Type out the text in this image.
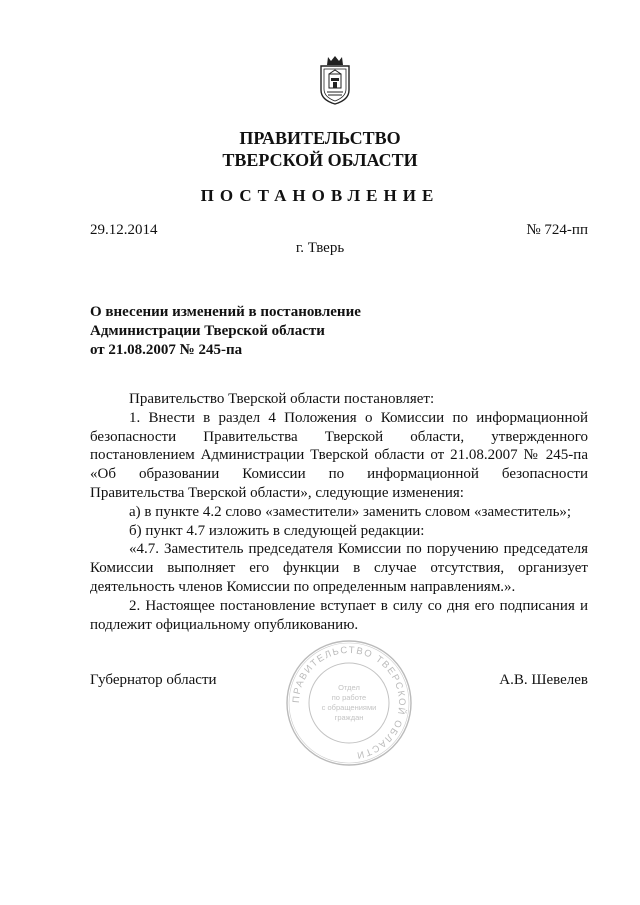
ПРАВИТЕЛЬСТВО
ТВЕРСКОЙ ОБЛАСТИ
ПОСТАНОВЛЕНИЕ
29.12.2014	№ 724-пп
г. Тверь
О внесении изменений в постановление
Администрации Тверской области
от 21.08.2007 № 245-па

Правительство Тверской области постановляет:

1. Внести в раздел 4 Положения о Комиссии по информационной безопасности Правительства Тверской области, утвержденного постановлением Администрации Тверской области от 21.08.2007 № 245-па «Об образовании Комиссии по информационной безопасности Правительства Тверской области», следующие изменения:

а) в пункте 4.2 слово «заместители» заменить словом «заместитель»;

б) пункт 4.7 изложить в следующей редакции:

«4.7. Заместитель председателя Комиссии по поручению председателя Комиссии выполняет его функции в случае отсутствия, организует деятельность членов Комиссии по определенным направлениям.».

2. Настоящее постановление вступает в силу со дня его подписания и подлежит официальному опубликованию.

ПРАВИТЕЛЬСТВО ТВЕРСКОЙ ОБЛАСТИ
Отдел
по работе
с обращениями
граждан
Губернатор области	А.В. Шевелев
